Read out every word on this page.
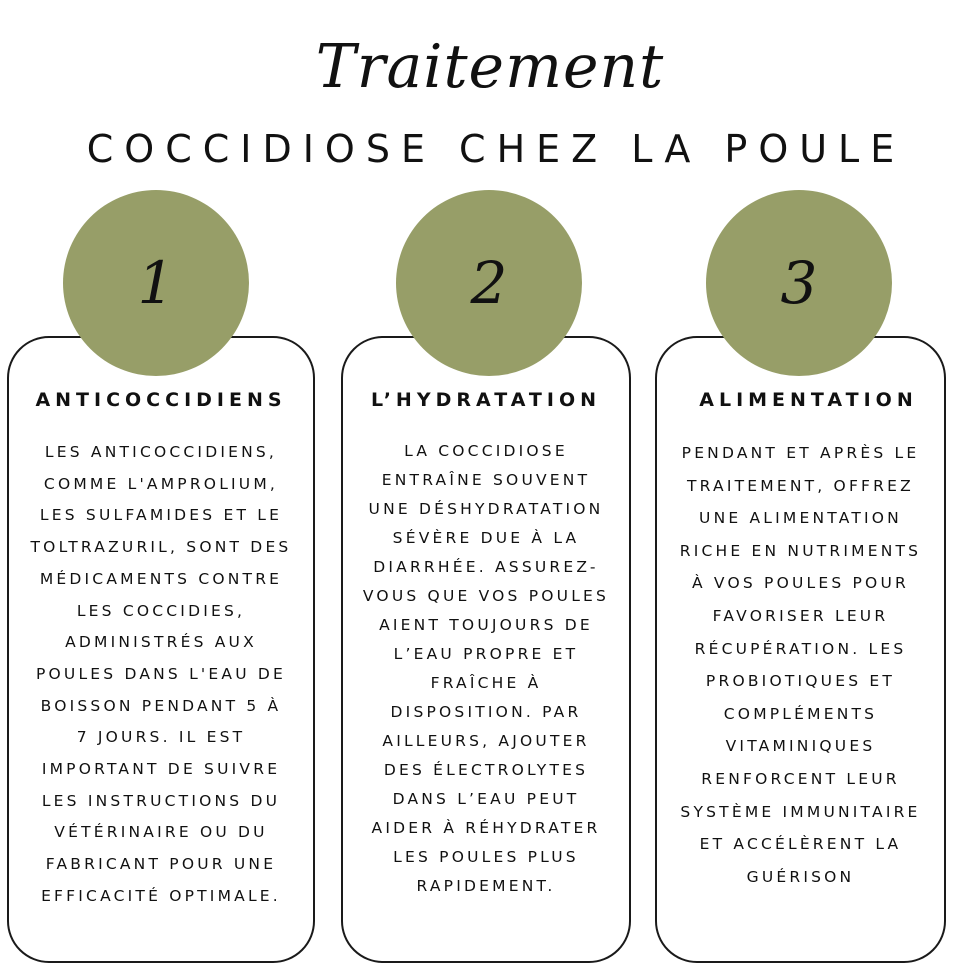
Traitement
COCCIDIOSE CHEZ LA POULE
1
ANTICOCCIDIENS
LES ANTICOCCIDIENS,
COMME L'AMPROLIUM,
LES SULFAMIDES ET LE
TOLTRAZURIL, SONT DES
MÉDICAMENTS CONTRE
LES COCCIDIES,
ADMINISTRÉS AUX
POULES DANS L'EAU DE
BOISSON PENDANT 5 À
7 JOURS. IL EST
IMPORTANT DE SUIVRE
LES INSTRUCTIONS DU
VÉTÉRINAIRE OU DU
FABRICANT POUR UNE
EFFICACITÉ OPTIMALE.
2
L’HYDRATATION
LA COCCIDIOSE
ENTRAÎNE SOUVENT
UNE DÉSHYDRATATION
SÉVÈRE DUE À LA
DIARRHÉE. ASSUREZ-
VOUS QUE VOS POULES
AIENT TOUJOURS DE
L’EAU PROPRE ET
FRAÎCHE À
DISPOSITION. PAR
AILLEURS, AJOUTER
DES ÉLECTROLYTES
DANS L’EAU PEUT
AIDER À RÉHYDRATER
LES POULES PLUS
RAPIDEMENT.
3
ALIMENTATION
PENDANT ET APRÈS LE
TRAITEMENT, OFFREZ
UNE ALIMENTATION
RICHE EN NUTRIMENTS
À VOS POULES POUR
FAVORISER LEUR
RÉCUPÉRATION. LES
PROBIOTIQUES ET
COMPLÉMENTS
VITAMINIQUES
RENFORCENT LEUR
SYSTÈME IMMUNITAIRE
ET ACCÉLÈRENT LA
GUÉRISON
